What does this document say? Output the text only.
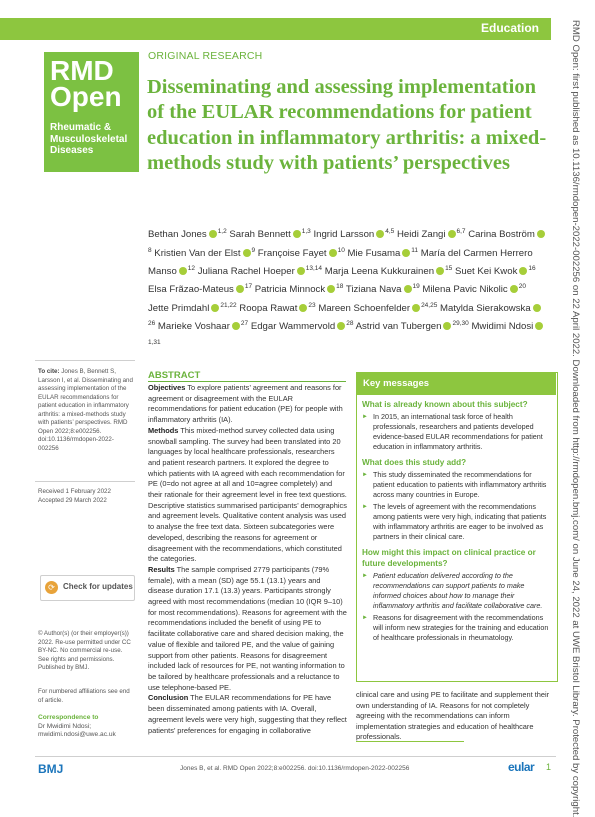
Education
RMD
Open
Rheumatic &
Musculoskeletal
Diseases
ORIGINAL RESEARCH
Disseminating and assessing implementation of the EULAR recommendations for patient education in inflammatory arthritis: a mixed-methods study with patients’ perspectives
Bethan Jones $^{1,2}$ Sarah Bennett $^{1,3}$ Ingrid Larsson $^{4,5}$ Heidi Zangi $^{6,7}$ Carina Boström$^8$ Kristien Van der Elst $^9$ Françoise Fayet $^{10}$ Mie Fusama $^{11}$ María del Carmen Herrero Manso $^{12}$ Juliana Rachel Hoeper $^{13,14}$ Marja Leena Kukkurainen $^{15}$ Suet Kei Kwok $^{16}$ Elsa Frãzao-Mateus $^{17}$ Patricia Minnock $^{18}$ Tiziana Nava $^{19}$ Milena Pavic Nikolic $^{20}$ Jette Primdahl $^{21,22}$ Roopa Rawat $^{23}$ Mareen Schoenfelder $^{24,25}$ Matylda Sierakowska$^{26}$ Marieke Voshaar $^{27}$ Edgar Wammervold $^{28}$ Astrid van Tubergen $^{29,30}$ Mwidimi Ndosi$^{1,31}$
To cite: Jones B, Bennett S, Larsson I, et al. Disseminating and assessing implementation of the EULAR recommendations for patient education in inflammatory arthritis: a mixed-methods study with patients’ perspectives. RMD Open 2022;8:e002256. doi:10.1136/rmdopen-2022-002256
Received 1 February 2022
Accepted 29 March 2022
⟳	Check for updates
© Author(s) (or their employer(s)) 2022. Re-use permitted under CC BY-NC. No commercial re-use. See rights and permissions. Published by BMJ.
For numbered affiliations see end of article.
Correspondence to
Dr Mwidimi Ndosi;
mwidimi.ndosi@uwe.ac.uk
ABSTRACT
Objectives To explore patients’ agreement and reasons for agreement or disagreement with the EULAR recommendations for patient education (PE) for people with inflammatory arthritis (IA).
Methods This mixed-method survey collected data using snowball sampling. The survey had been translated into 20 languages by local healthcare professionals, researchers and patient research partners. It explored the degree to which patients with IA agreed with each recommendation for PE (0=do not agree at all and 10=agree completely) and their rationale for their agreement level in free text questions. Descriptive statistics summarised participants’ demographics and agreement levels. Qualitative content analysis was used to analyse the free text data. Sixteen subcategories were developed, describing the reasons for agreement or disagreement with the recommendations, which constituted the categories.
Results The sample comprised 2779 participants (79% female), with a mean (SD) age 55.1 (13.1) years and disease duration 17.1 (13.3) years. Participants strongly agreed with most recommendations (median 10 (IQR 9–10) for most recommendations). Reasons for agreement with the recommendations included the benefit of using PE to facilitate collaborative care and shared decision making, the value of flexible and tailored PE, and the value of gaining support from other patients. Reasons for disagreement included lack of resources for PE, not wanting information to be tailored by healthcare professionals and a reluctance to use telephone-based PE.
Conclusion The EULAR recommendations for PE have been disseminated among patients with IA. Overall, agreement levels were very high, suggesting that they reflect patients’ preferences for engaging in collaborative
Key messages
What is already known about this subject?
► In 2015, an international task force of health professionals, researchers and patients developed evidence-based EULAR recommendations for patient education in inflammatory arthritis.
What does this study add?
► This study disseminated the recommendations for patient education to patients with inflammatory arthritis across many countries in Europe.
► The levels of agreement with the recommendations among patients were very high, indicating that patients with inflammatory arthritis are eager to be involved as partners in their clinical care.
How might this impact on clinical practice or future developments?
► Patient education delivered according to the recommendations can support patients to make informed choices about how to manage their inflammatory arthritis and facilitate collaborative care.
► Reasons for disagreement with the recommendations will inform new strategies for the training and education of healthcare professionals in rheumatology.
clinical care and using PE to facilitate and supplement their own understanding of IA. Reasons for not completely agreeing with the recommendations can inform implementation strategies and education of healthcare professionals.
BMJ	Jones B, et al. RMD Open 2022;8:e002256. doi:10.1136/rmdopen-2022-002256	eular 1 RMD Open: first published as 10.1136/rmdopen-2022-002256 on 22 April 2022. Downloaded from http://rmdopen.bmj.com/ on June 24, 2022 at UWE Bristol Library. Protected by copyright.
